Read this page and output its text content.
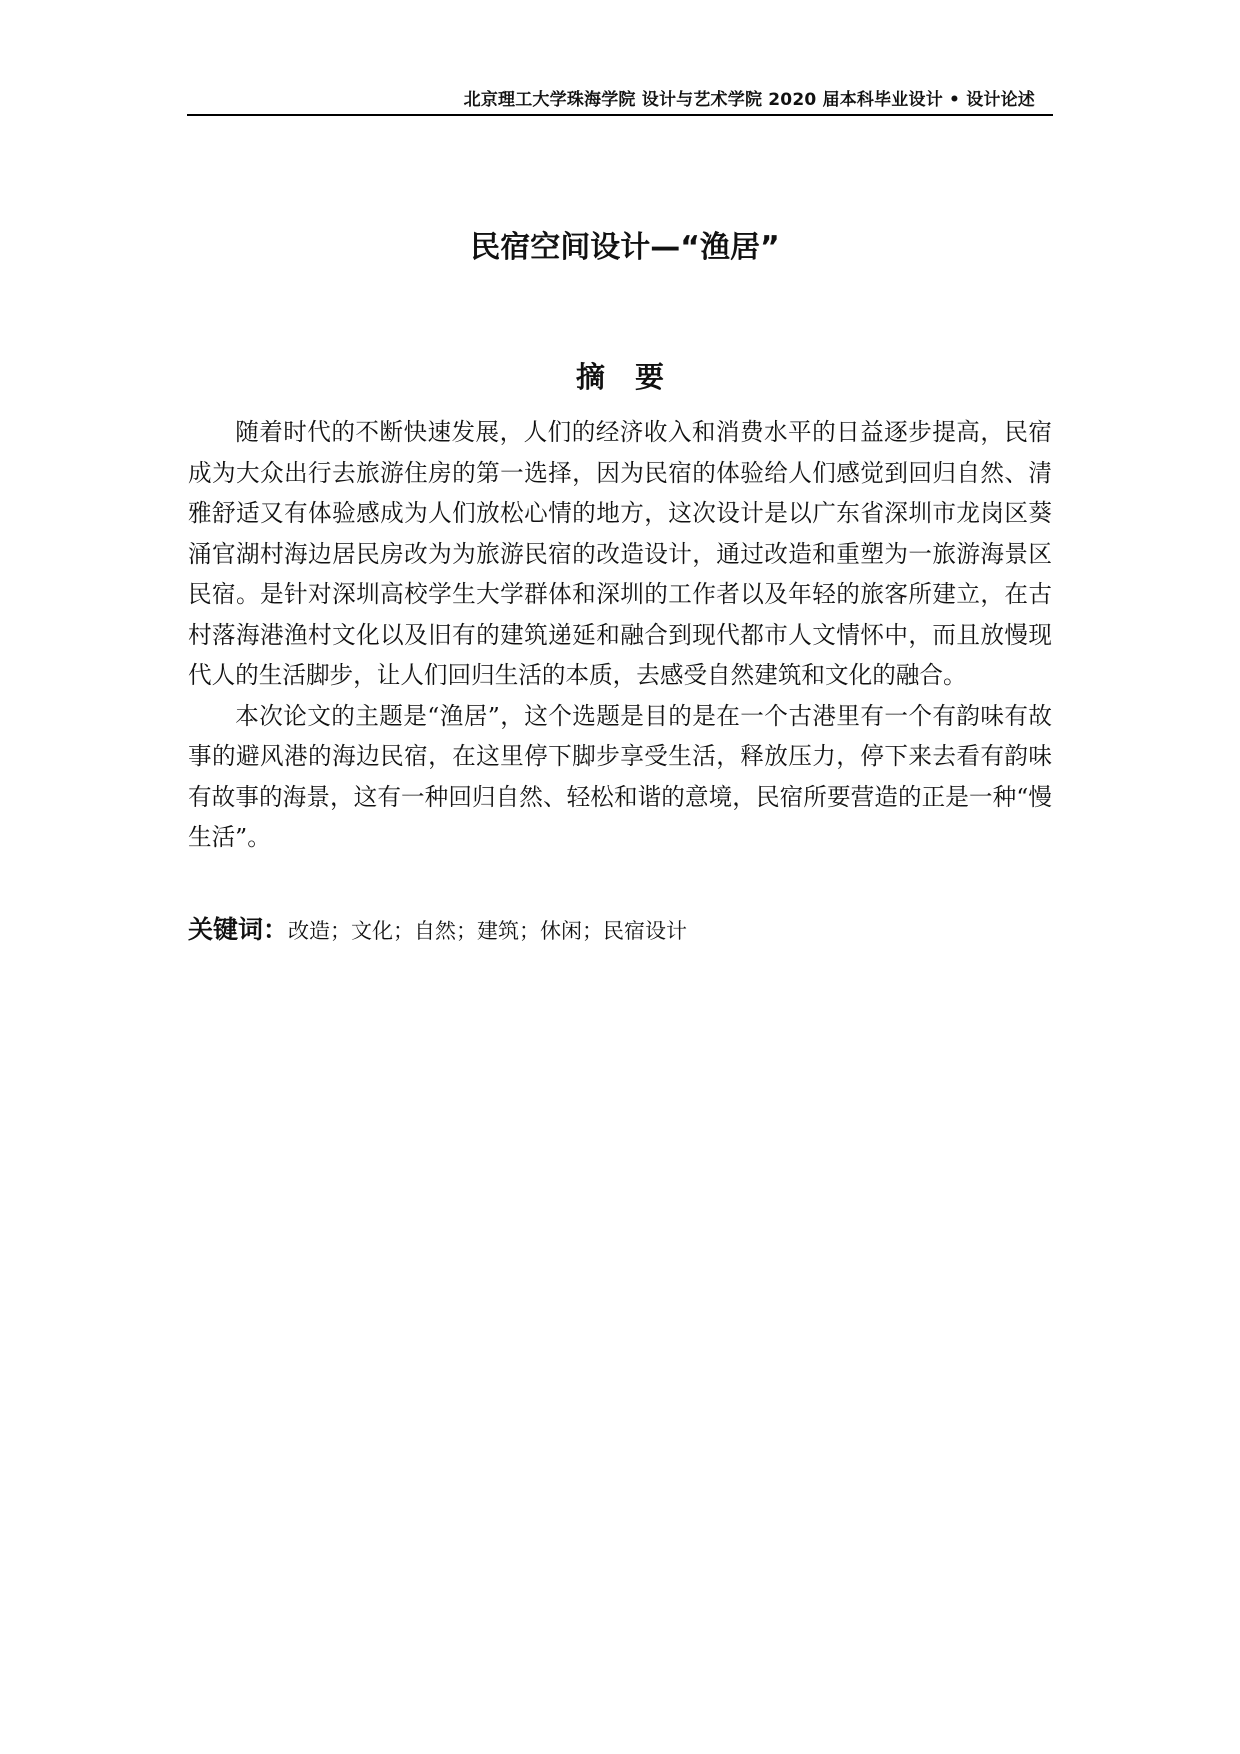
北京理工大学珠海学院 设计与艺术学院 2020 届本科毕业设计 • 设计论述
民宿空间设计—“渔居”
摘要

随着时代的不断快速发展，人们的经济收入和消费水平的日益逐步提高，民宿成为大众出行去旅游住房的第一选择，因为民宿的体验给人们感觉到回归自然、清雅舒适又有体验感成为人们放松心情的地方，这次设计是以广东省深圳市龙岗区葵涌官湖村海边居民房改为为旅游民宿的改造设计，通过改造和重塑为一旅游海景区民宿。是针对深圳高校学生大学群体和深圳的工作者以及年轻的旅客所建立，在古村落海港渔村文化以及旧有的建筑递延和融合到现代都市人文情怀中，而且放慢现代人的生活脚步，让人们回归生活的本质，去感受自然建筑和文化的融合。

本次论文的主题是“渔居”，这个选题是目的是在一个古港里有一个有韵味有故事的避风港的海边民宿，在这里停下脚步享受生活，释放压力，停下来去看有韵味有故事的海景，这有一种回归自然、轻松和谐的意境，民宿所要营造的正是一种“慢生活”。

关键词：改造；文化；自然；建筑；休闲；民宿设计
